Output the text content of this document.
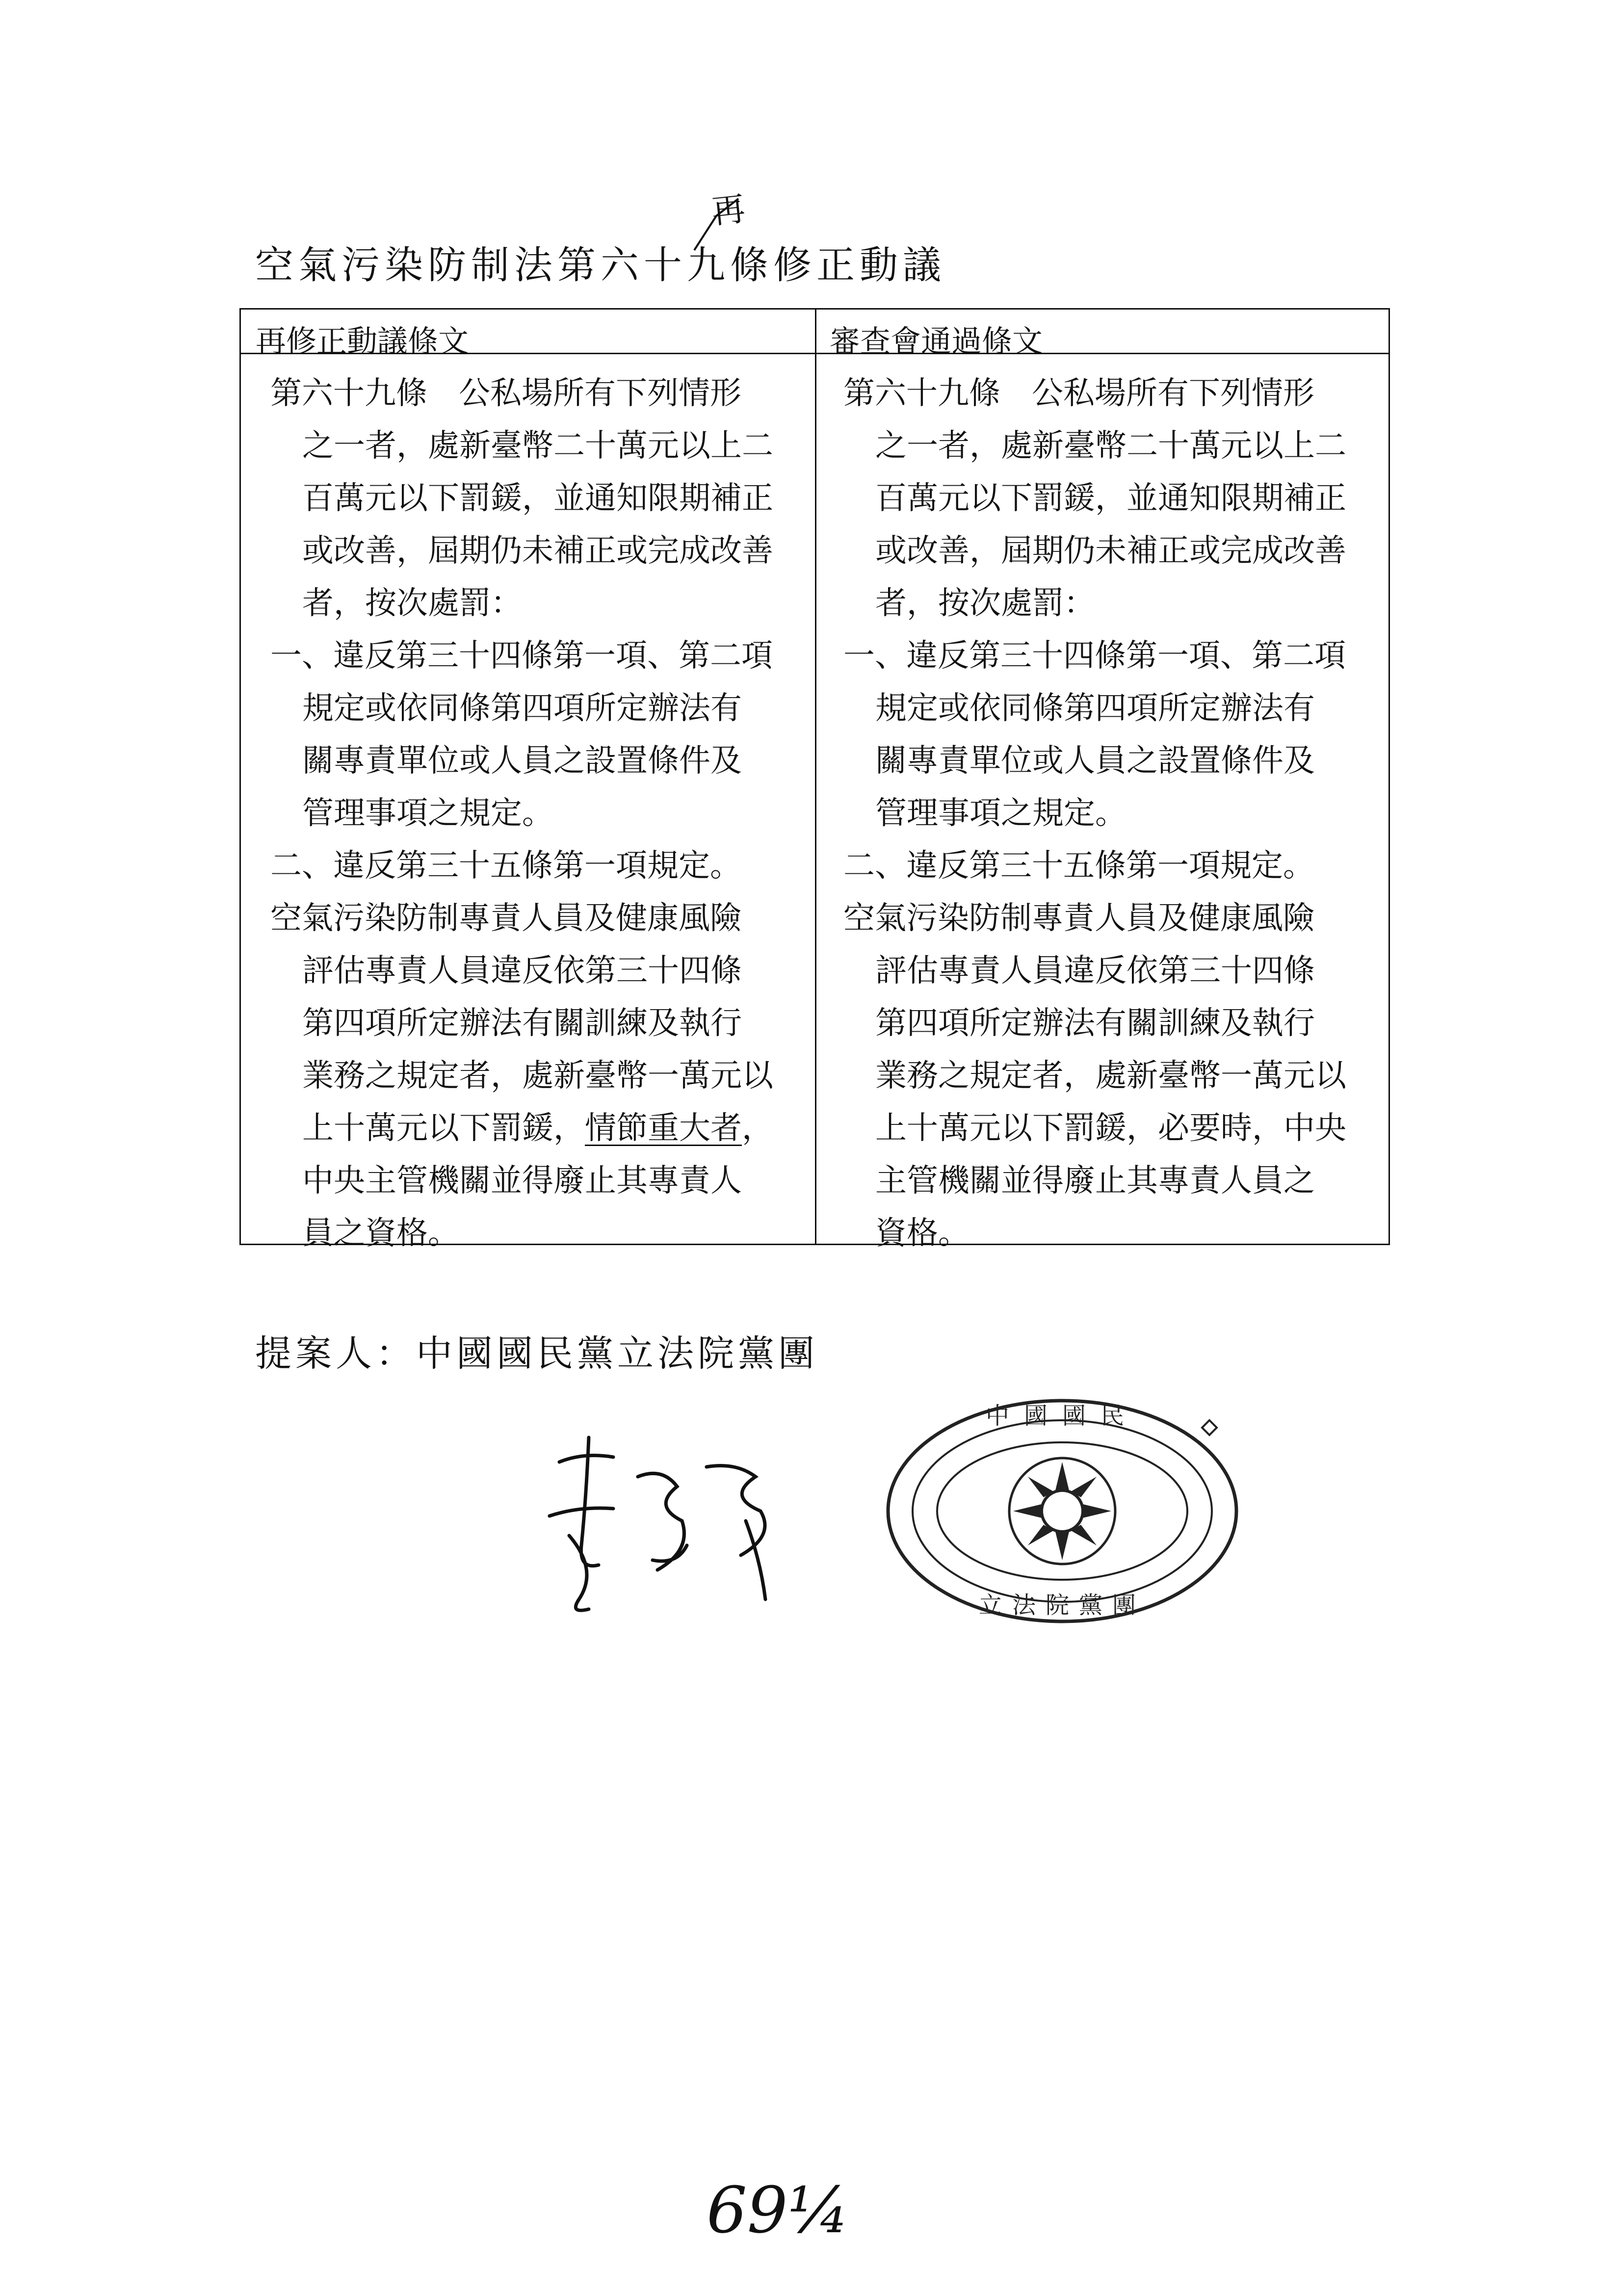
空氣污染防制法第六十九條修正動議
再
再修正動議條文	審查會通過條文
第六十九條　公私場所有下列情形
之一者，處新臺幣二十萬元以上二
百萬元以下罰鍰，並通知限期補正
或改善，屆期仍未補正或完成改善
者，按次處罰：
一、違反第三十四條第一項、第二項
規定或依同條第四項所定辦法有
關專責單位或人員之設置條件及
管理事項之規定。
二、違反第三十五條第一項規定。
空氣污染防制專責人員及健康風險
評估專責人員違反依第三十四條
第四項所定辦法有關訓練及執行
業務之規定者，處新臺幣一萬元以
上十萬元以下罰鍰，情節重大者，
中央主管機關並得廢止其專責人
員之資格。
第六十九條　公私場所有下列情形
之一者，處新臺幣二十萬元以上二
百萬元以下罰鍰，並通知限期補正
或改善，屆期仍未補正或完成改善
者，按次處罰：
一、違反第三十四條第一項、第二項
規定或依同條第四項所定辦法有
關專責單位或人員之設置條件及
管理事項之規定。
二、違反第三十五條第一項規定。
空氣污染防制專責人員及健康風險
評估專責人員違反依第三十四條
第四項所定辦法有關訓練及執行
業務之規定者，處新臺幣一萬元以
上十萬元以下罰鍰，必要時，中央
主管機關並得廢止其專責人員之
資格。
提案人：中國國民黨立法院黨團
中國國民
立法院黨團
69¼
